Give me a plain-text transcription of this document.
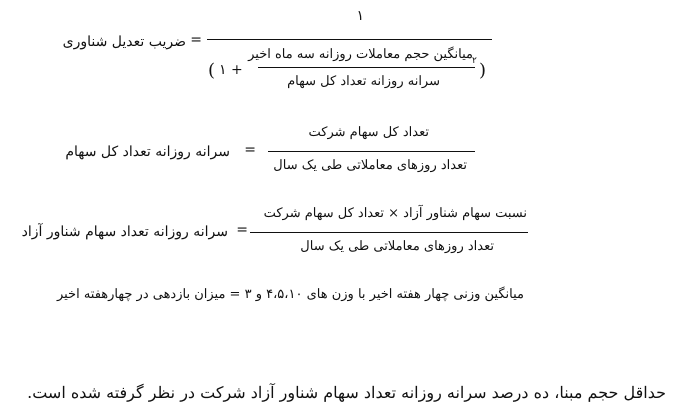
ضریب تعدیل شناوری =
۱
( + ۱
میانگین حجم معاملات روزانه سه ماه اخیر
سرانه روزانه تعداد کل سهام
)
۲
سرانه روزانه تعداد کل سهام =
تعداد کل سهام شرکت
تعداد روزهای معاملاتی طی یک سال
سرانه روزانه تعداد سهام شناور آزاد =
نسبت سهام شناور آزاد × تعداد کل سهام شرکت
تعداد روزهای معاملاتی طی یک سال
میانگین وزنی چهار هفته اخیر با وزن های ۴،۵،۱۰ و ۳ = میزان بازدهی در چهارهفته اخیر
حداقل حجم مبنا، ده درصد سرانه روزانه تعداد سهام شناور آزاد شرکت در نظر گرفته شده است.
